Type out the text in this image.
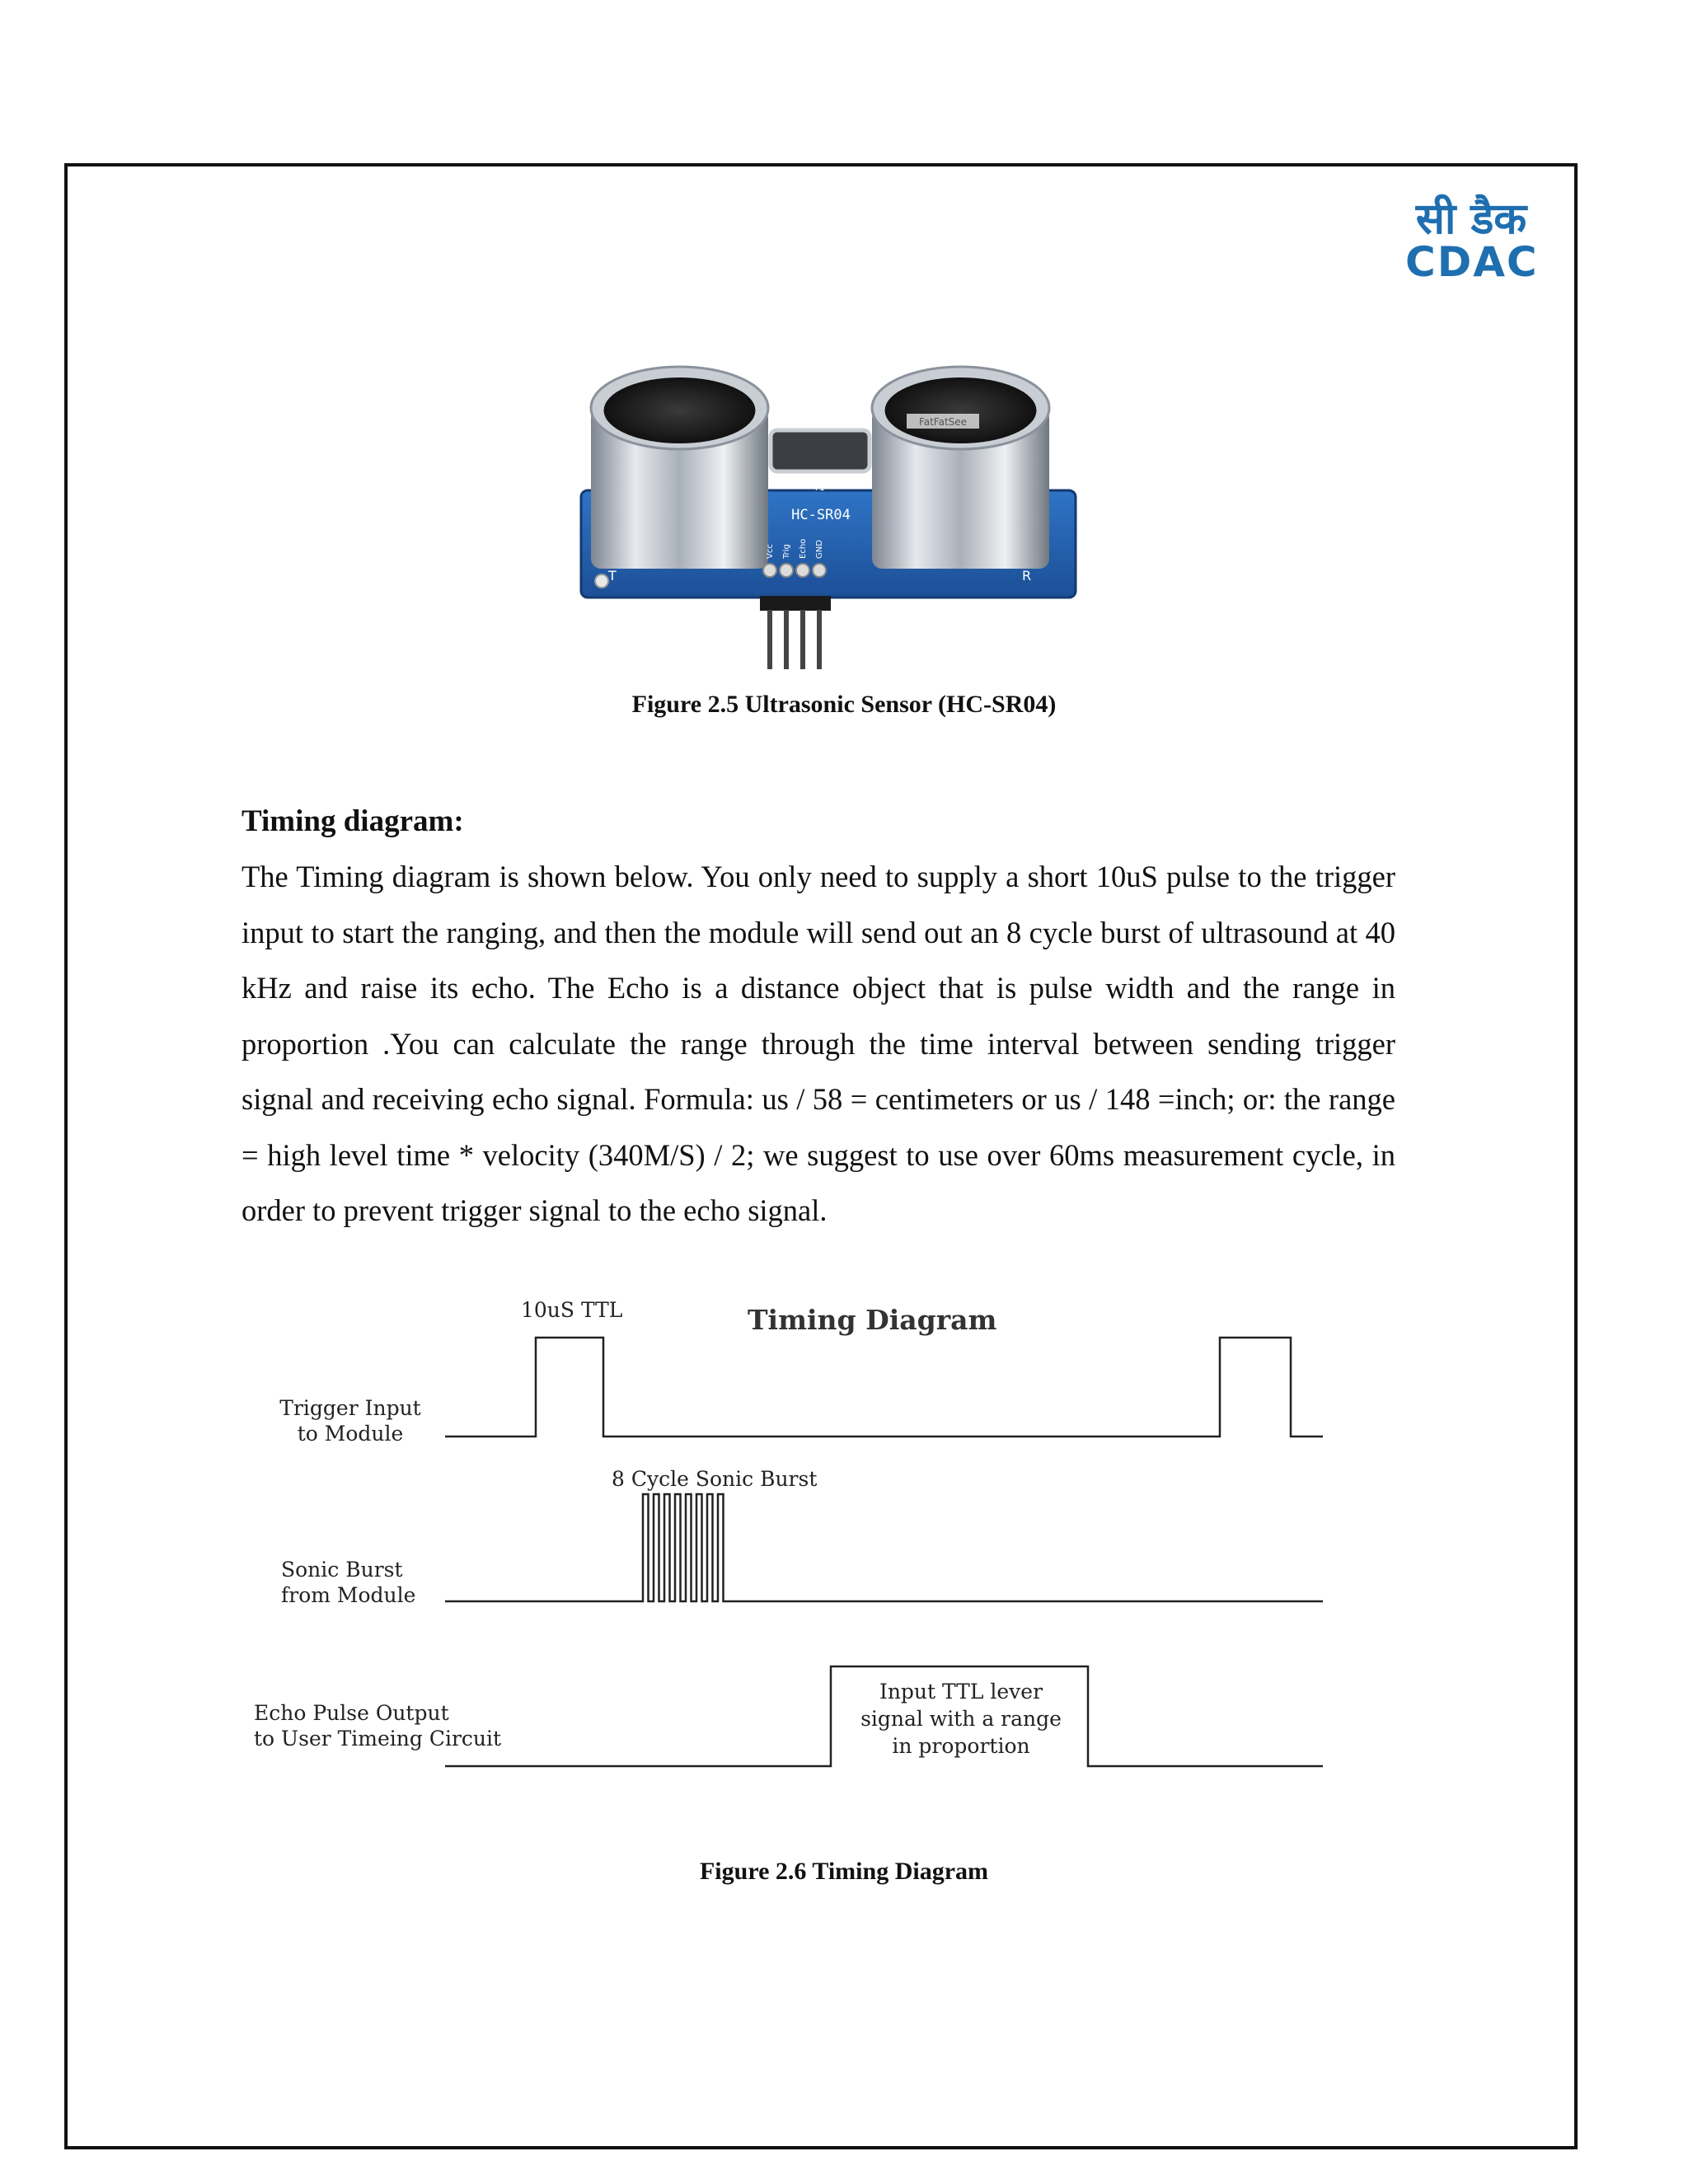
सी डैक
CDAC
FatFatSee
Y1
HC-SR04
T	R
Vcc Trig Echo GND
Figure 2.5 Ultrasonic Sensor (HC-SR04)
Timing diagram:

The Timing diagram is shown below. You only need to supply a short 10uS pulse to the trigger input to start the ranging, and then the module will send out an 8 cycle burst of ultrasound at 40 kHz and raise its echo. The Echo is a distance object that is pulse width and the range in proportion .You can calculate the range through the time interval between sending trigger signal and receiving echo signal. Formula: us / 58 = centimeters or us / 148 =inch; or: the range = high level time * velocity (340M/S) / 2; we suggest to use over 60ms measurement cycle, in order to prevent trigger signal to the echo signal.

10uS TTL	Timing Diagram
Trigger Input
to Module
8 Cycle Sonic Burst
Sonic Burst
from Module
Echo Pulse Output
to User Timeing Circuit
Input TTL lever
signal with a range
in proportion
Figure 2.6 Timing Diagram
